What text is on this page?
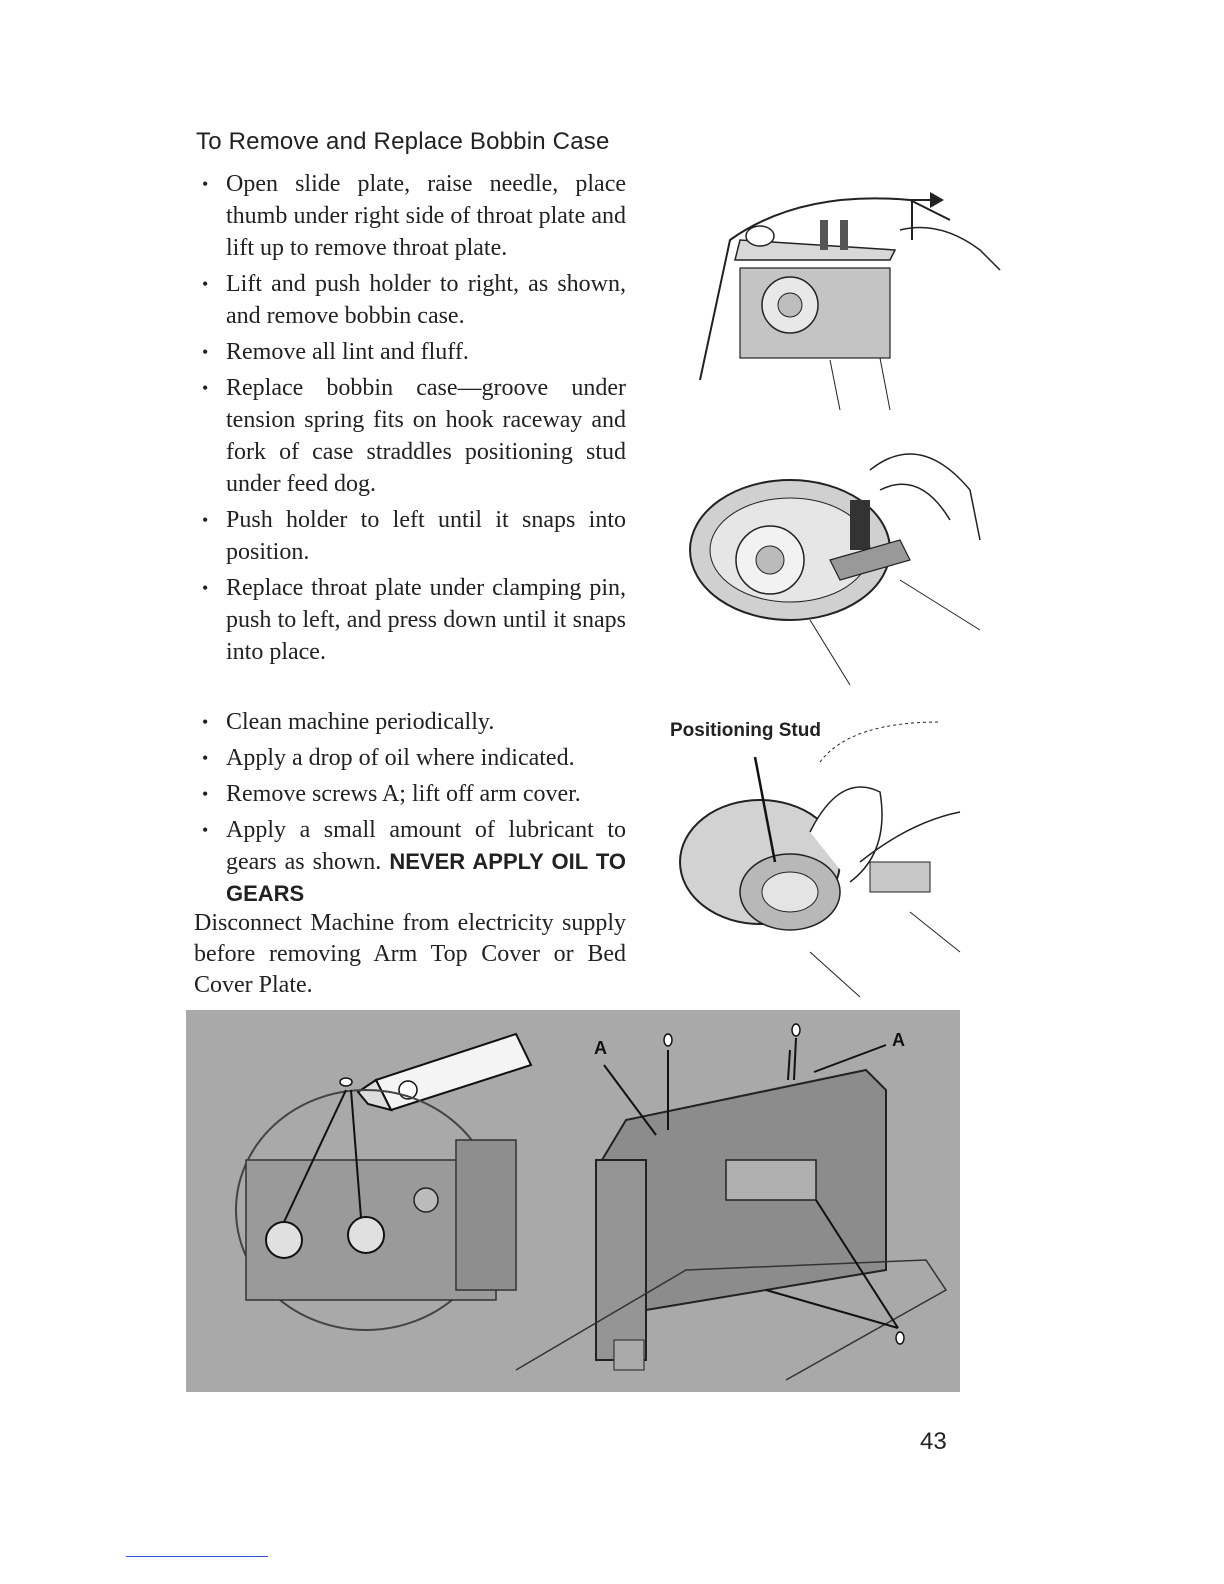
To Remove and Replace Bobbin Case
• Open slide plate, raise needle, place thumb under right side of throat plate and lift up to remove throat plate.
• Lift and push holder to right, as shown, and remove bobbin case.
• Remove all lint and fluff.
• Replace bobbin case—groove under tension spring fits on hook raceway and fork of case straddles positioning stud under feed dog.
• Push holder to left until it snaps into position.
• Replace throat plate under clamping pin, push to left, and press down until it snaps into place.
• Clean machine periodically.
• Apply a drop of oil where indicated.
• Remove screws A; lift off arm cover.
• Apply a small amount of lubricant to gears as shown. NEVER APPLY OIL TO GEARS
Disconnect Machine from electricity supply before removing Arm Top Cover or Bed Cover Plate.
Positioning Stud
A	A
43
